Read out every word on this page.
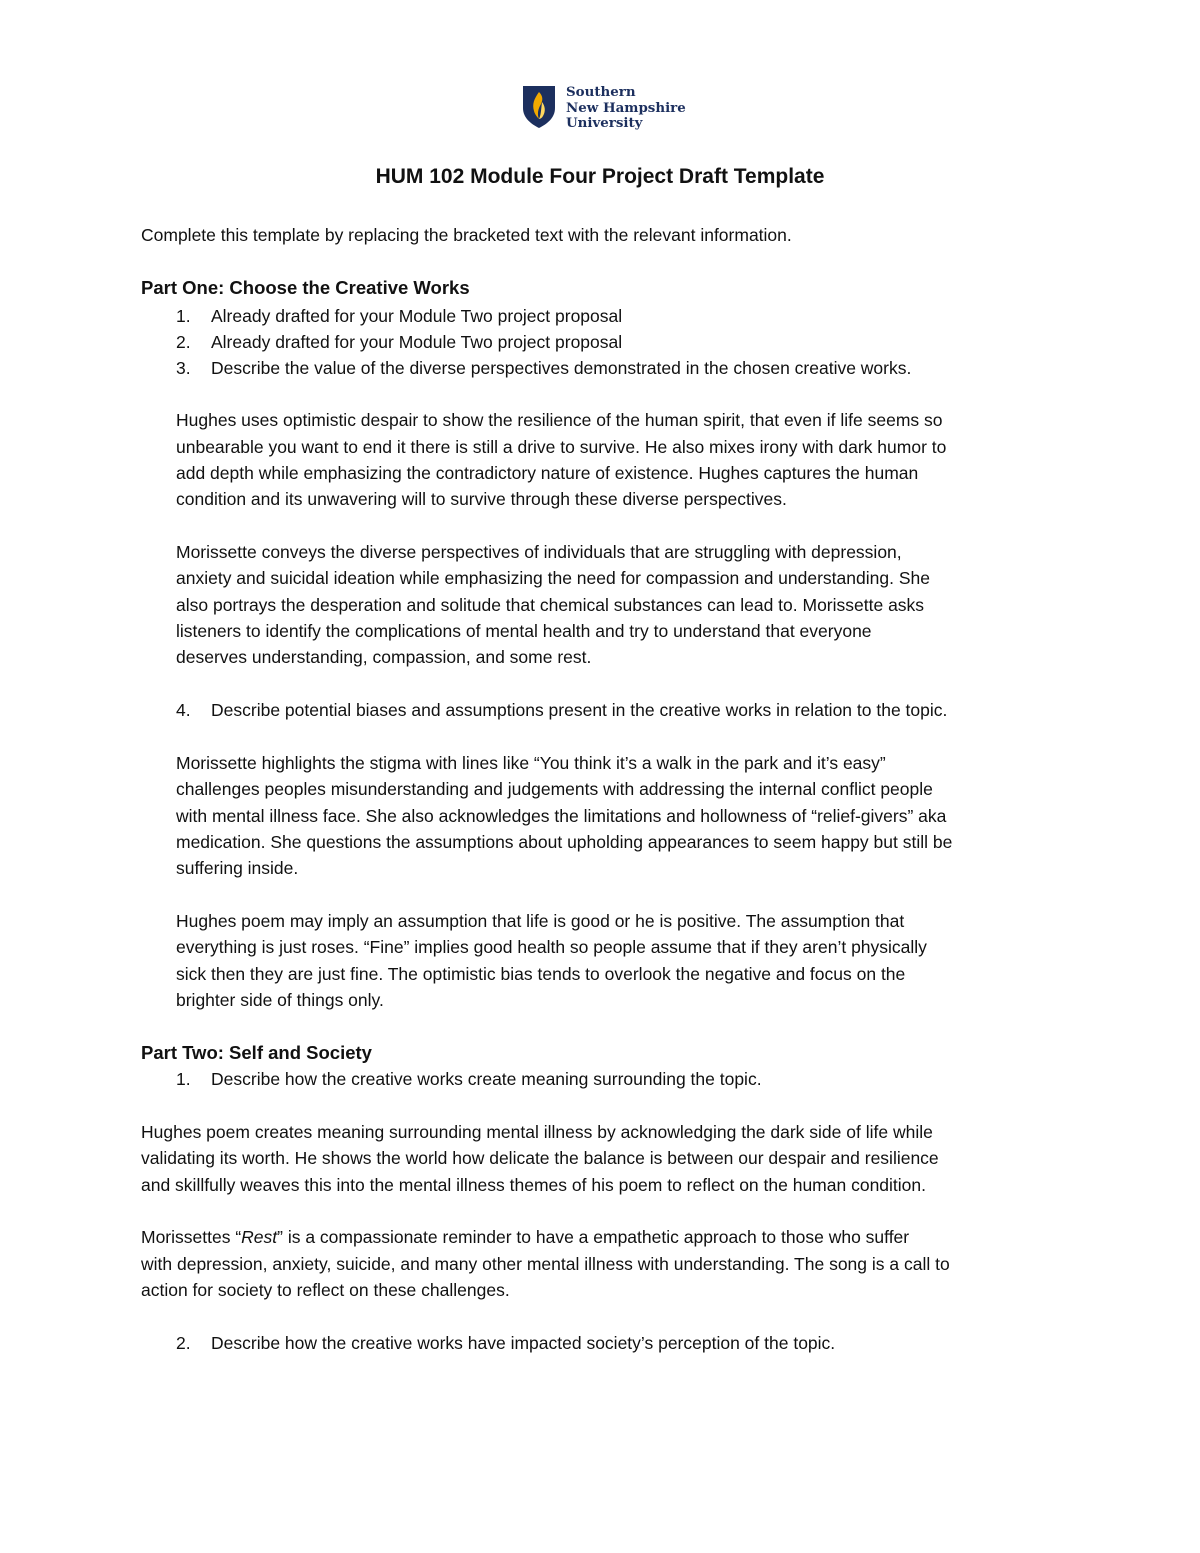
Southern
New Hampshire
University
HUM 102 Module Four Project Draft Template
Complete this template by replacing the bracketed text with the relevant information.
Part One: Choose the Creative Works
1. Already drafted for your Module Two project proposal
2. Already drafted for your Module Two project proposal
3. Describe the value of the diverse perspectives demonstrated in the chosen creative works.
Hughes uses optimistic despair to show the resilience of the human spirit, that even if life seems so
unbearable you want to end it there is still a drive to survive. He also mixes irony with dark humor to
add depth while emphasizing the contradictory nature of existence. Hughes captures the human
condition and its unwavering will to survive through these diverse perspectives.
Morissette conveys the diverse perspectives of individuals that are struggling with depression,
anxiety and suicidal ideation while emphasizing the need for compassion and understanding. She
also portrays the desperation and solitude that chemical substances can lead to. Morissette asks
listeners to identify the complications of mental health and try to understand that everyone
deserves understanding, compassion, and some rest.
4. Describe potential biases and assumptions present in the creative works in relation to the topic.
Morissette highlights the stigma with lines like “You think it’s a walk in the park and it’s easy”
challenges peoples misunderstanding and judgements with addressing the internal conflict people
with mental illness face. She also acknowledges the limitations and hollowness of “relief-givers” aka
medication. She questions the assumptions about upholding appearances to seem happy but still be
suffering inside.
Hughes poem may imply an assumption that life is good or he is positive. The assumption that
everything is just roses. “Fine” implies good health so people assume that if they aren’t physically
sick then they are just fine. The optimistic bias tends to overlook the negative and focus on the
brighter side of things only.
Part Two: Self and Society
1. Describe how the creative works create meaning surrounding the topic.
Hughes poem creates meaning surrounding mental illness by acknowledging the dark side of life while
validating its worth. He shows the world how delicate the balance is between our despair and resilience
and skillfully weaves this into the mental illness themes of his poem to reflect on the human condition.
Morissettes “Rest” is a compassionate reminder to have a empathetic approach to those who suffer
with depression, anxiety, suicide, and many other mental illness with understanding. The song is a call to
action for society to reflect on these challenges.
2. Describe how the creative works have impacted society’s perception of the topic.
